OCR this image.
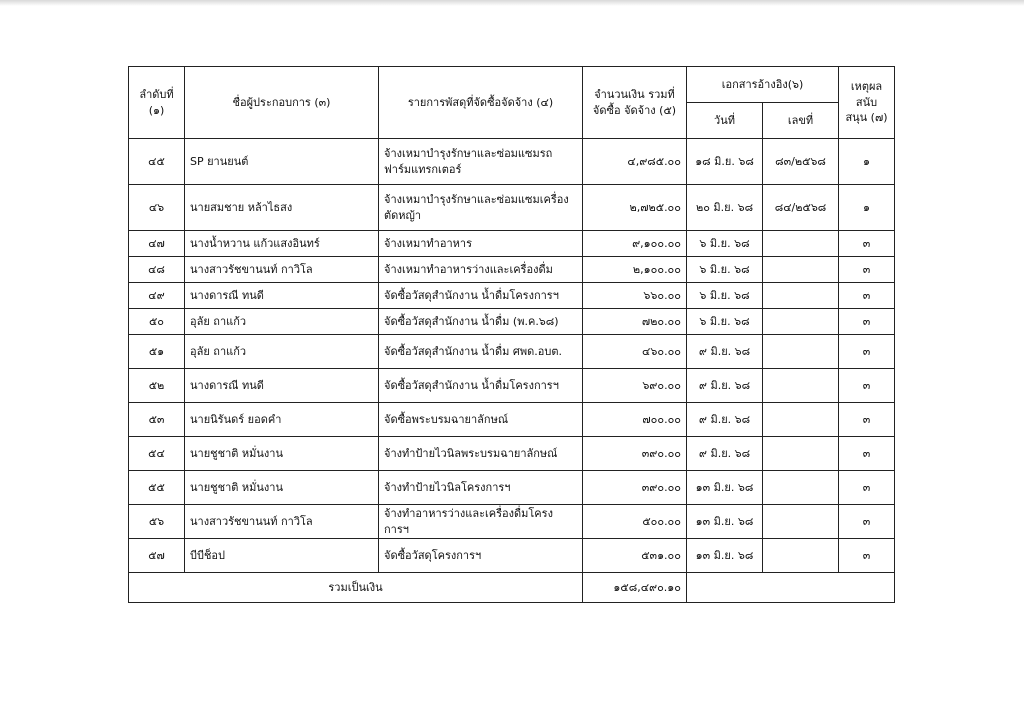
ลำดับที่ (๑)	ชื่อผู้ประกอบการ (๓)	รายการพัสดุที่จัดซื้อจัดจ้าง (๔)	จำนวนเงิน รวมที่ จัดซื้อ จัดจ้าง (๕)	เอกสารอ้างอิง(๖)		เหตุผล สนับ สนุน (๗)
				วันที่	เลขที่	
๔๕	SP ยานยนต์	จ้างเหมาบำรุงรักษาและซ่อมแซมรถฟาร์มแทรกเตอร์	๔,๙๘๕.๐๐	๑๘ มิ.ย. ๖๘	๘๓/๒๕๖๘	๑
๔๖	นายสมชาย หล้าไธสง	จ้างเหมาบำรุงรักษาและซ่อมแซมเครื่องตัดหญ้า	๒,๗๒๕.๐๐	๒๐ มิ.ย. ๖๘	๘๔/๒๕๖๘	๑
๔๗	นางน้ำหวาน แก้วแสงอินทร์	จ้างเหมาทำอาหาร	๙,๑๐๐.๐๐	๖ มิ.ย. ๖๘		๓
๔๘	นางสาวรัชขานนท์ กาวิโล	จ้างเหมาทำอาหารว่างและเครื่องดื่ม	๒,๑๐๐.๐๐	๖ มิ.ย. ๖๘		๓
๔๙	นางดารณี ทนดี	จัดซื้อวัสดุสำนักงาน น้ำดื่มโครงการฯ	๖๖๐.๐๐	๖ มิ.ย. ๖๘		๓
๕๐	อุลัย ถาแก้ว	จัดซื้อวัสดุสำนักงาน น้ำดื่ม (พ.ค.๖๘)	๗๒๐.๐๐	๖ มิ.ย. ๖๘		๓
๕๑	อุลัย ถาแก้ว	จัดซื้อวัสดุสำนักงาน น้ำดื่ม ศพด.อบต.	๔๖๐.๐๐	๙ มิ.ย. ๖๘		๓
๕๒	นางดารณี ทนดี	จัดซื้อวัสดุสำนักงาน น้ำดื่มโครงการฯ	๖๙๐.๐๐	๙ มิ.ย. ๖๘		๓
๕๓	นายนิรันดร์ ยอดคำ	จัดซื้อพระบรมฉายาลักษณ์	๗๐๐.๐๐	๙ มิ.ย. ๖๘		๓
๕๔	นายชูชาติ หมั่นงาน	จ้างทำป้ายไวนิลพระบรมฉายาลักษณ์	๓๙๐.๐๐	๙ มิ.ย. ๖๘		๓
๕๕	นายชูชาติ หมั่นงาน	จ้างทำป้ายไวนิลโครงการฯ	๓๙๐.๐๐	๑๓ มิ.ย. ๖๘		๓
๕๖	นางสาวรัชขานนท์ กาวิโล	จ้างทำอาหารว่างและเครื่องดื่มโครงการฯ	๕๐๐.๐๐	๑๓ มิ.ย. ๖๘		๓
๕๗	บีบีช็อป	จัดซื้อวัสดุโครงการฯ	๕๓๑.๐๐	๑๓ มิ.ย. ๖๘		๓
รวมเป็นเงิน			๑๕๘,๔๙๐.๑๐			
